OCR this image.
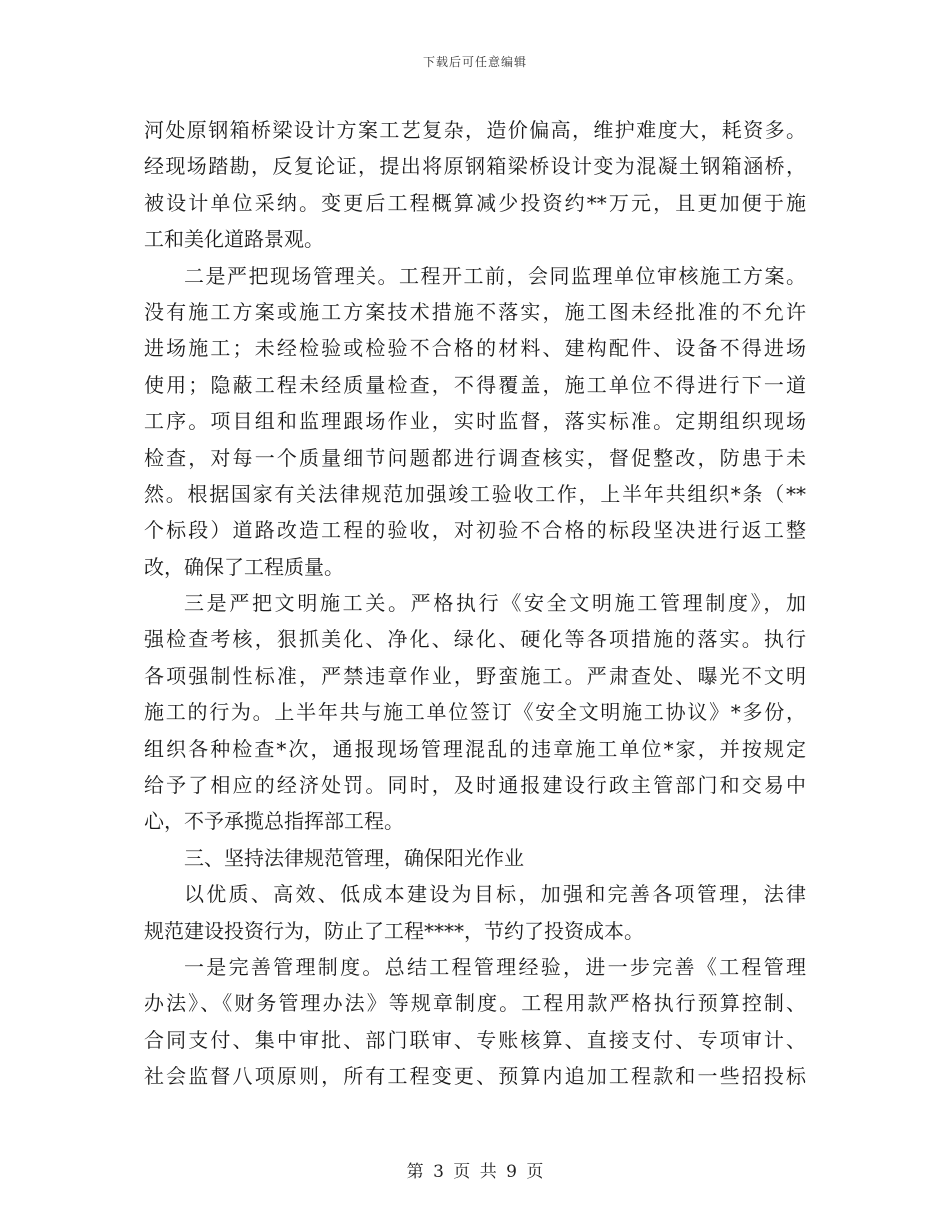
下载后可任意编辑
河处原钢箱桥梁设计方案工艺复杂，造价偏高，维护难度大，耗资多。
经现场踏勘，反复论证，提出将原钢箱梁桥设计变为混凝土钢箱涵桥，
被设计单位采纳。变更后工程概算减少投资约**万元，且更加便于施
工和美化道路景观。
二是严把现场管理关。工程开工前，会同监理单位审核施工方案。
没有施工方案或施工方案技术措施不落实，施工图未经批准的不允许
进场施工；未经检验或检验不合格的材料、建构配件、设备不得进场
使用；隐蔽工程未经质量检查，不得覆盖，施工单位不得进行下一道
工序。项目组和监理跟场作业，实时监督，落实标准。定期组织现场
检查，对每一个质量细节问题都进行调查核实，督促整改，防患于未
然。根据国家有关法律规范加强竣工验收工作，上半年共组织*条（**
个标段）道路改造工程的验收，对初验不合格的标段坚决进行返工整
改，确保了工程质量。
三是严把文明施工关。严格执行《安全文明施工管理制度》，加
强检查考核，狠抓美化、净化、绿化、硬化等各项措施的落实。执行
各项强制性标准，严禁违章作业，野蛮施工。严肃查处、曝光不文明
施工的行为。上半年共与施工单位签订《安全文明施工协议》*多份，
组织各种检查*次，通报现场管理混乱的违章施工单位*家，并按规定
给予了相应的经济处罚。同时，及时通报建设行政主管部门和交易中
心，不予承揽总指挥部工程。
三、坚持法律规范管理，确保阳光作业
以优质、高效、低成本建设为目标，加强和完善各项管理，法律
规范建设投资行为，防止了工程****，节约了投资成本。
一是完善管理制度。总结工程管理经验，进一步完善《工程管理
办法》、《财务管理办法》等规章制度。工程用款严格执行预算控制、
合同支付、集中审批、部门联审、专账核算、直接支付、专项审计、
社会监督八项原则，所有工程变更、预算内追加工程款和一些招投标
第 3 页 共 9 页
